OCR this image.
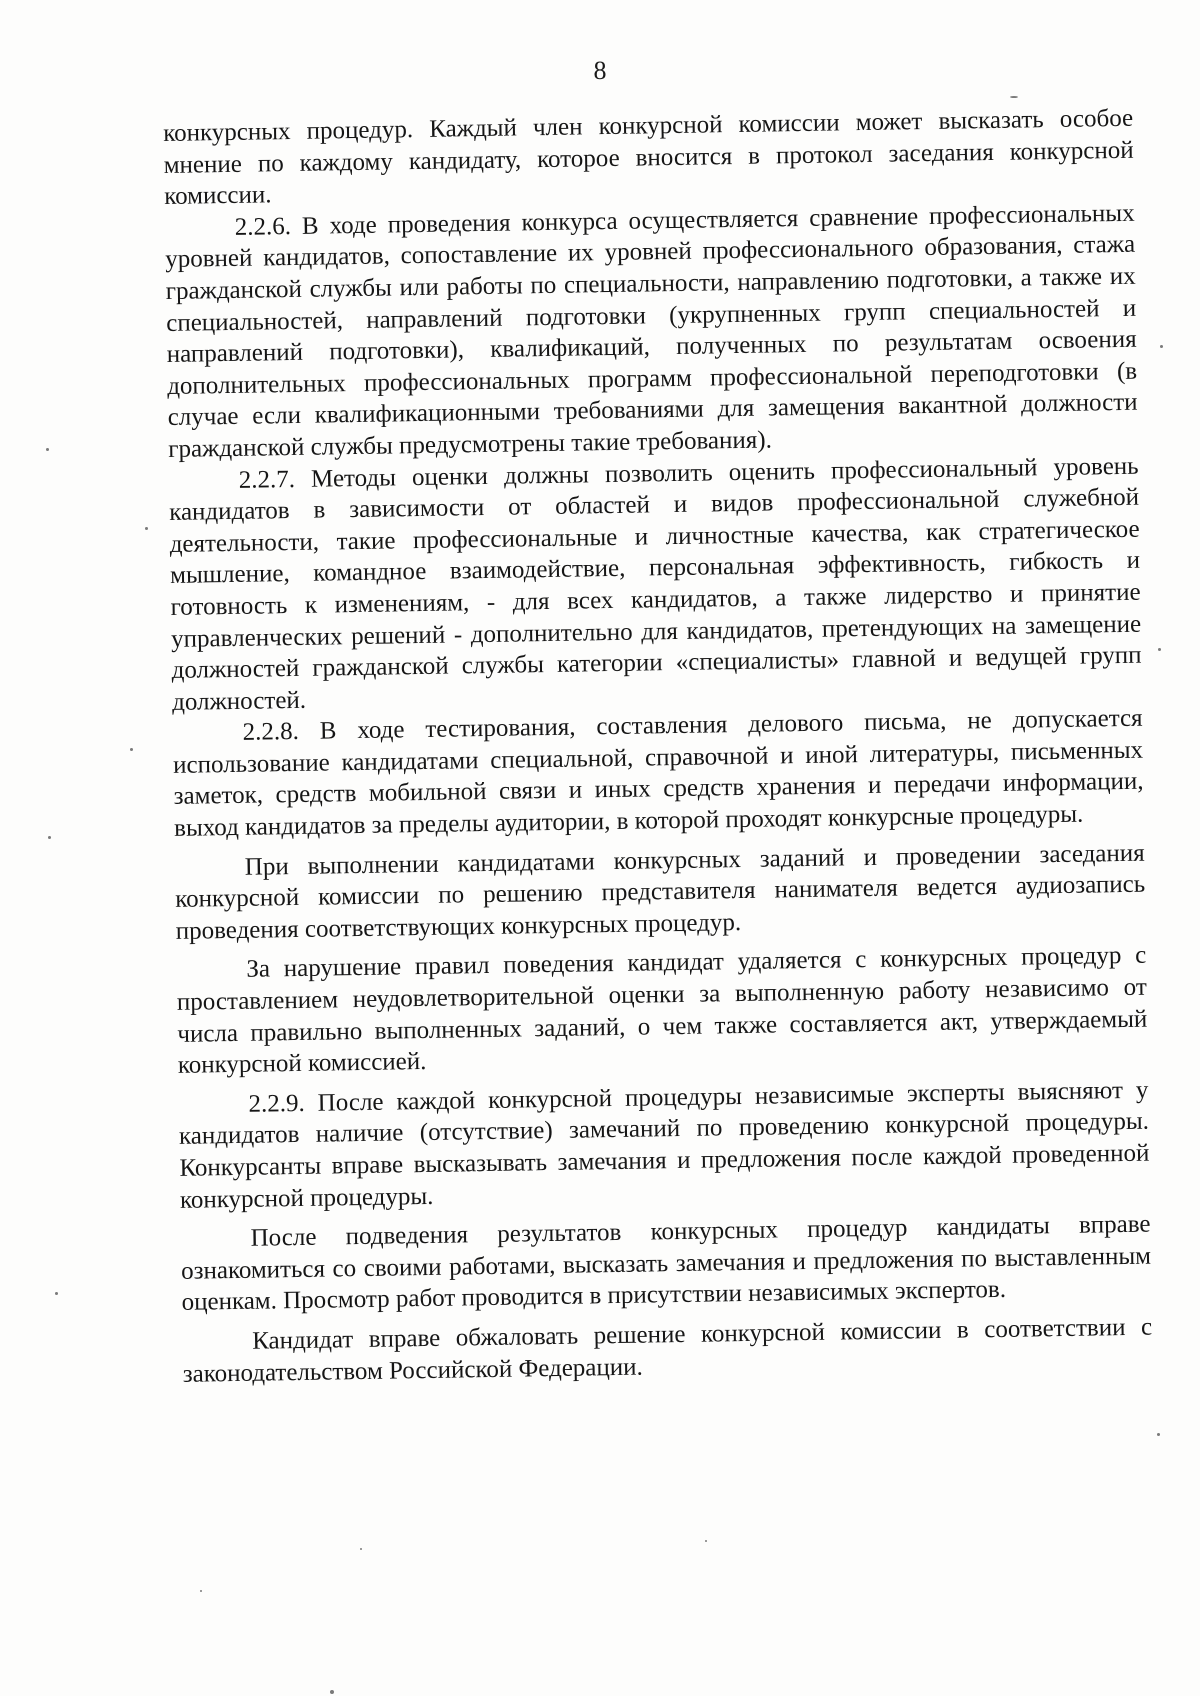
8

конкурсных процедур. Каждый член конкурсной комиссии может высказать особое мнение по каждому кандидату, которое вносится в протокол заседания конкурсной комиссии.

2.2.6. В ходе проведения конкурса осуществляется сравнение профессиональных уровней кандидатов, сопоставление их уровней профессионального образования, стажа гражданской службы или работы по специальности, направлению подготовки, а также их специальностей, направлений подготовки (укрупненных групп специальностей и направлений подготовки), квалификаций, полученных по результатам освоения дополнительных профессиональных программ профессиональной переподготовки (в случае если квалификационными требованиями для замещения вакантной должности гражданской службы предусмотрены такие требования).

2.2.7. Методы оценки должны позволить оценить профессиональный уровень кандидатов в зависимости от областей и видов профессиональной служебной деятельности, такие профессиональные и личностные качества, как стратегическое мышление, командное взаимодействие, персональная эффективность, гибкость и готовность к изменениям, - для всех кандидатов, а также лидерство и принятие управленческих решений - дополнительно для кандидатов, претендующих на замещение должностей гражданской службы категории «специалисты» главной и ведущей групп должностей.

2.2.8. В ходе тестирования, составления делового письма, не допускается использование кандидатами специальной, справочной и иной литературы, письменных заметок, средств мобильной связи и иных средств хранения и передачи информации, выход кандидатов за пределы аудитории, в которой проходят конкурсные процедуры.

При выполнении кандидатами конкурсных заданий и проведении заседания конкурсной комиссии по решению представителя нанимателя ведется аудиозапись проведения соответствующих конкурсных процедур.

За нарушение правил поведения кандидат удаляется с конкурсных процедур с проставлением неудовлетворительной оценки за выполненную работу независимо от числа правильно выполненных заданий, о чем также составляется акт, утверждаемый конкурсной комиссией.

2.2.9. После каждой конкурсной процедуры независимые эксперты выясняют у кандидатов наличие (отсутствие) замечаний по проведению конкурсной процедуры. Конкурсанты вправе высказывать замечания и предложения после каждой проведенной конкурсной процедуры.

После подведения результатов конкурсных процедур кандидаты вправе ознакомиться со своими работами, высказать замечания и предложения по выставленным оценкам. Просмотр работ проводится в присутствии независимых экспертов.

Кандидат вправе обжаловать решение конкурсной комиссии в соответствии с законодательством Российской Федерации.
